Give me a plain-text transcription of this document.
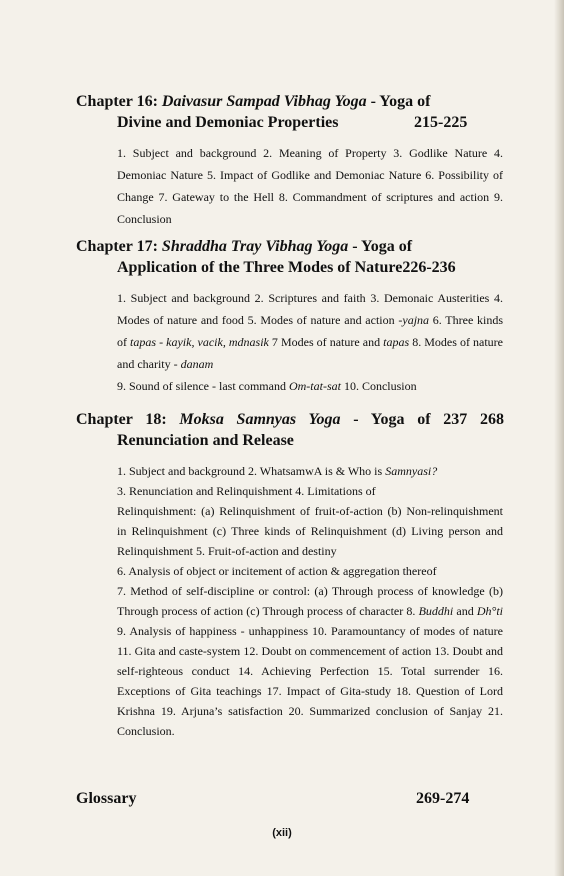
Chapter 16: Daivasur Sampad Vibhag Yoga - Yoga of
Divine and Demoniac Properties	215-225
1. Subject and background 2. Meaning of Property 3. Godlike Nature 4. Demoniac Nature 5. Impact of Godlike and Demoniac Nature 6. Possibility of Change 7. Gateway to the Hell 8. Commandment of scriptures and action 9. Conclusion
Chapter 17: Shraddha Tray Vibhag Yoga - Yoga of
Application of the Three Modes of Nature226-236
1. Subject and background 2. Scriptures and faith 3. Demonaic Austerities 4. Modes of nature and food 5. Modes of nature and action -yajna 6. Three kinds of tapas - kayik, vacik, mdnasik 7 Modes of nature and tapas 8. Modes of nature and charity - danam
9. Sound of silence - last command Om-tat-sat 10. Conclusion
Chapter 18: Moksa Samnyas Yoga - Yoga of 237 268
Renunciation and Release
1. Subject and background 2. WhatsamwA is & Who is Samnyasi?
3. Renunciation and Relinquishment 4. Limitations of
Relinquishment: (a) Relinquishment of fruit-of-action (b) Non-relinquishment in Relinquishment (c) Three kinds of Relinquishment (d) Living person and Relinquishment 5. Fruit-of-action and destiny
6. Analysis of object or incitement of action & aggregation thereof
7. Method of self-discipline or control: (a) Through process of knowledge (b) Through process of action (c) Through process of character 8. Buddhi and Dh°ti 9. Analysis of happiness - unhappiness 10. Paramountancy of modes of nature 11. Gita and caste-system 12. Doubt on commencement of action 13. Doubt and self-righteous conduct 14. Achieving Perfection 15. Total surrender 16. Exceptions of Gita teachings 17. Impact of Gita-study 18. Question of Lord Krishna 19. Arjuna’s satisfaction 20. Summarized conclusion of Sanjay 21. Conclusion.
Glossary	269-274
(xii)
